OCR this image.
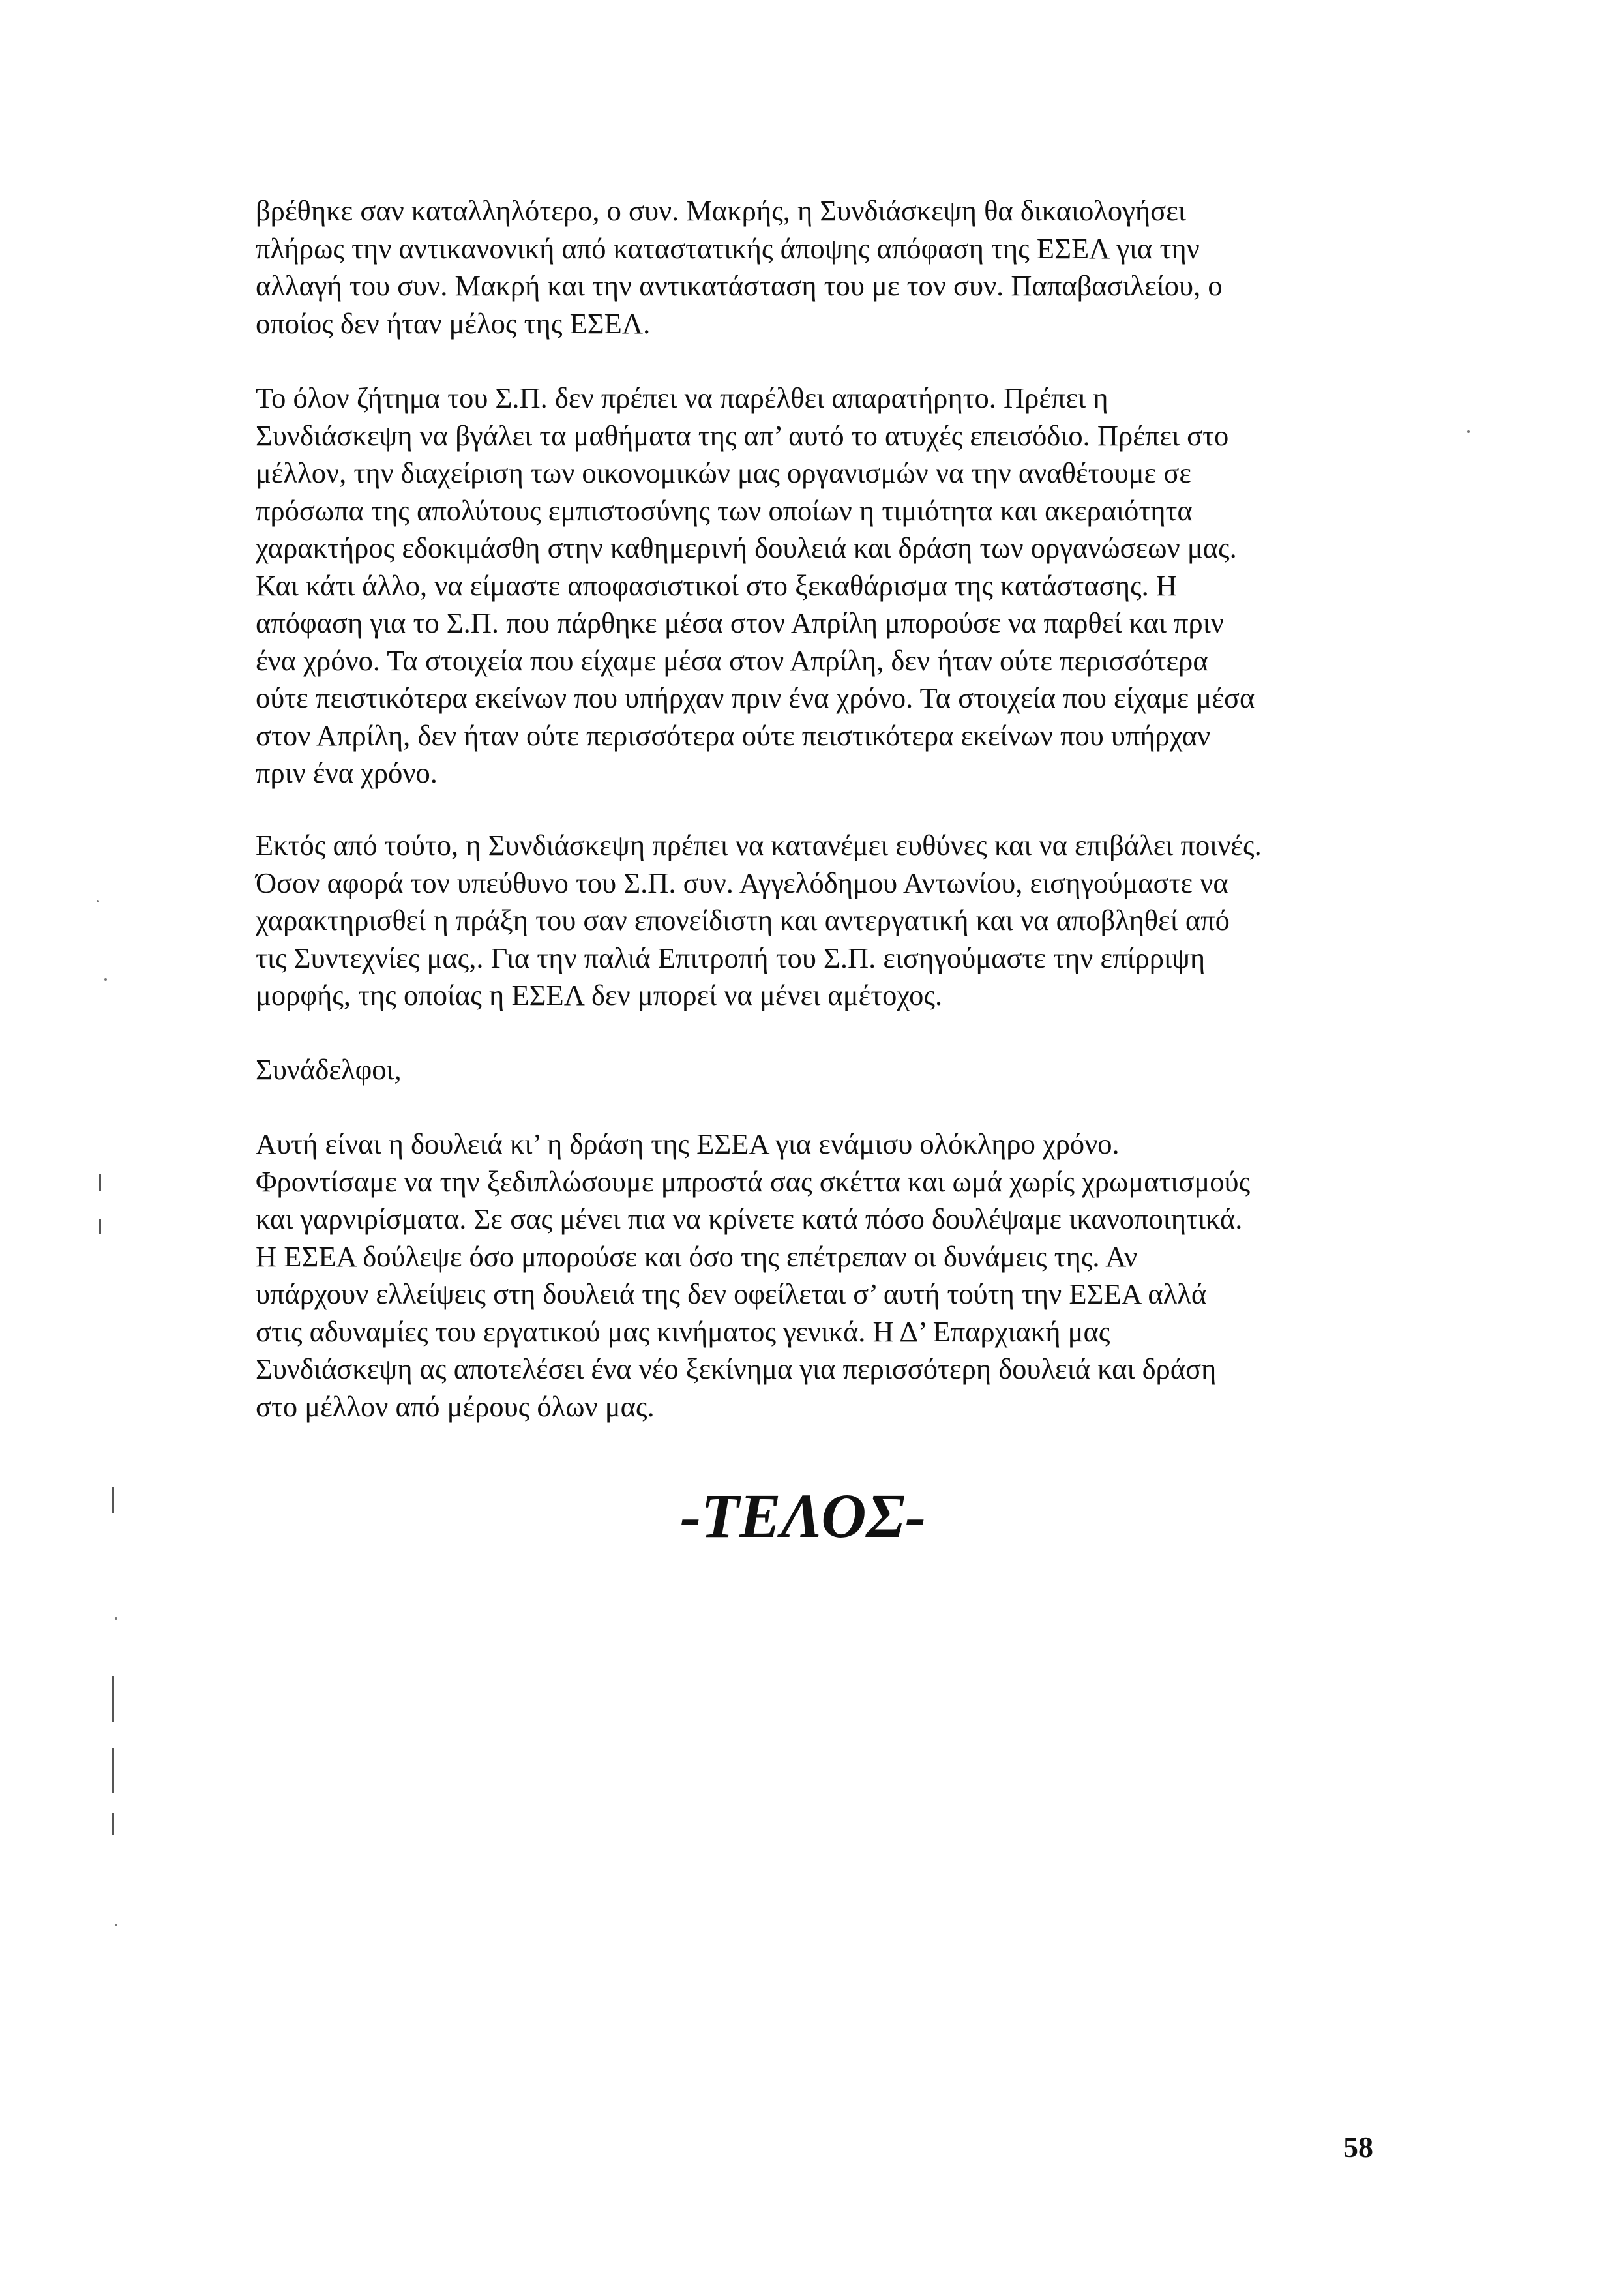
βρέθηκε σαν καταλληλότερο, ο συν. Μακρής, η Συνδιάσκεψη θα δικαιολογήσει
πλήρως την αντικανονική από καταστατικής άποψης απόφαση της ΕΣΕΛ για την
αλλαγή του συν. Μακρή και την αντικατάσταση του με τον συν. Παπαβασιλείου, ο
οποίος δεν ήταν μέλος της ΕΣΕΛ.

Το όλον ζήτημα του Σ.Π. δεν πρέπει να παρέλθει απαρατήρητο. Πρέπει η
Συνδιάσκεψη να βγάλει τα μαθήματα της απ’ αυτό το ατυχές επεισόδιο. Πρέπει στο
μέλλον, την διαχείριση των οικονομικών μας οργανισμών να την αναθέτουμε σε
πρόσωπα της απολύτους εμπιστοσύνης των οποίων η τιμιότητα και ακεραιότητα
χαρακτήρος εδοκιμάσθη στην καθημερινή δουλειά και δράση των οργανώσεων μας.
Και κάτι άλλο, να είμαστε αποφασιστικοί στο ξεκαθάρισμα της κατάστασης. Η
απόφαση για το Σ.Π. που πάρθηκε μέσα στον Απρίλη μπορούσε να παρθεί και πριν
ένα χρόνο. Τα στοιχεία που είχαμε μέσα στον Απρίλη, δεν ήταν ούτε περισσότερα
ούτε πειστικότερα εκείνων που υπήρχαν πριν ένα χρόνο. Τα στοιχεία που είχαμε μέσα
στον Απρίλη, δεν ήταν ούτε περισσότερα ούτε πειστικότερα εκείνων που υπήρχαν
πριν ένα χρόνο.

Εκτός από τούτο, η Συνδιάσκεψη πρέπει να κατανέμει ευθύνες και να επιβάλει ποινές.
Όσον αφορά τον υπεύθυνο του Σ.Π. συν. Αγγελόδημου Αντωνίου, εισηγούμαστε να
χαρακτηρισθεί η πράξη του σαν επονείδιστη και αντεργατική και να αποβληθεί από
τις Συντεχνίες μας,. Για την παλιά Επιτροπή του Σ.Π. εισηγούμαστε την επίρριψη
μορφής, της οποίας η ΕΣΕΛ δεν μπορεί να μένει αμέτοχος.

Συνάδελφοι,

Αυτή είναι η δουλειά κι’ η δράση της ΕΣΕΑ για ενάμισυ ολόκληρο χρόνο.
Φροντίσαμε να την ξεδιπλώσουμε μπροστά σας σκέττα και ωμά χωρίς χρωματισμούς
και γαρνιρίσματα. Σε σας μένει πια να κρίνετε κατά πόσο δουλέψαμε ικανοποιητικά.
Η ΕΣΕΑ δούλεψε όσο μπορούσε και όσο της επέτρεπαν οι δυνάμεις της. Αν
υπάρχουν ελλείψεις στη δουλειά της δεν οφείλεται σ’ αυτή τούτη την ΕΣΕΑ αλλά
στις αδυναμίες του εργατικού μας κινήματος γενικά. Η Δ’ Επαρχιακή μας
Συνδιάσκεψη ας αποτελέσει ένα νέο ξεκίνημα για περισσότερη δουλειά και δράση
στο μέλλον από μέρους όλων μας.

-ΤΕΛΟΣ-

58
